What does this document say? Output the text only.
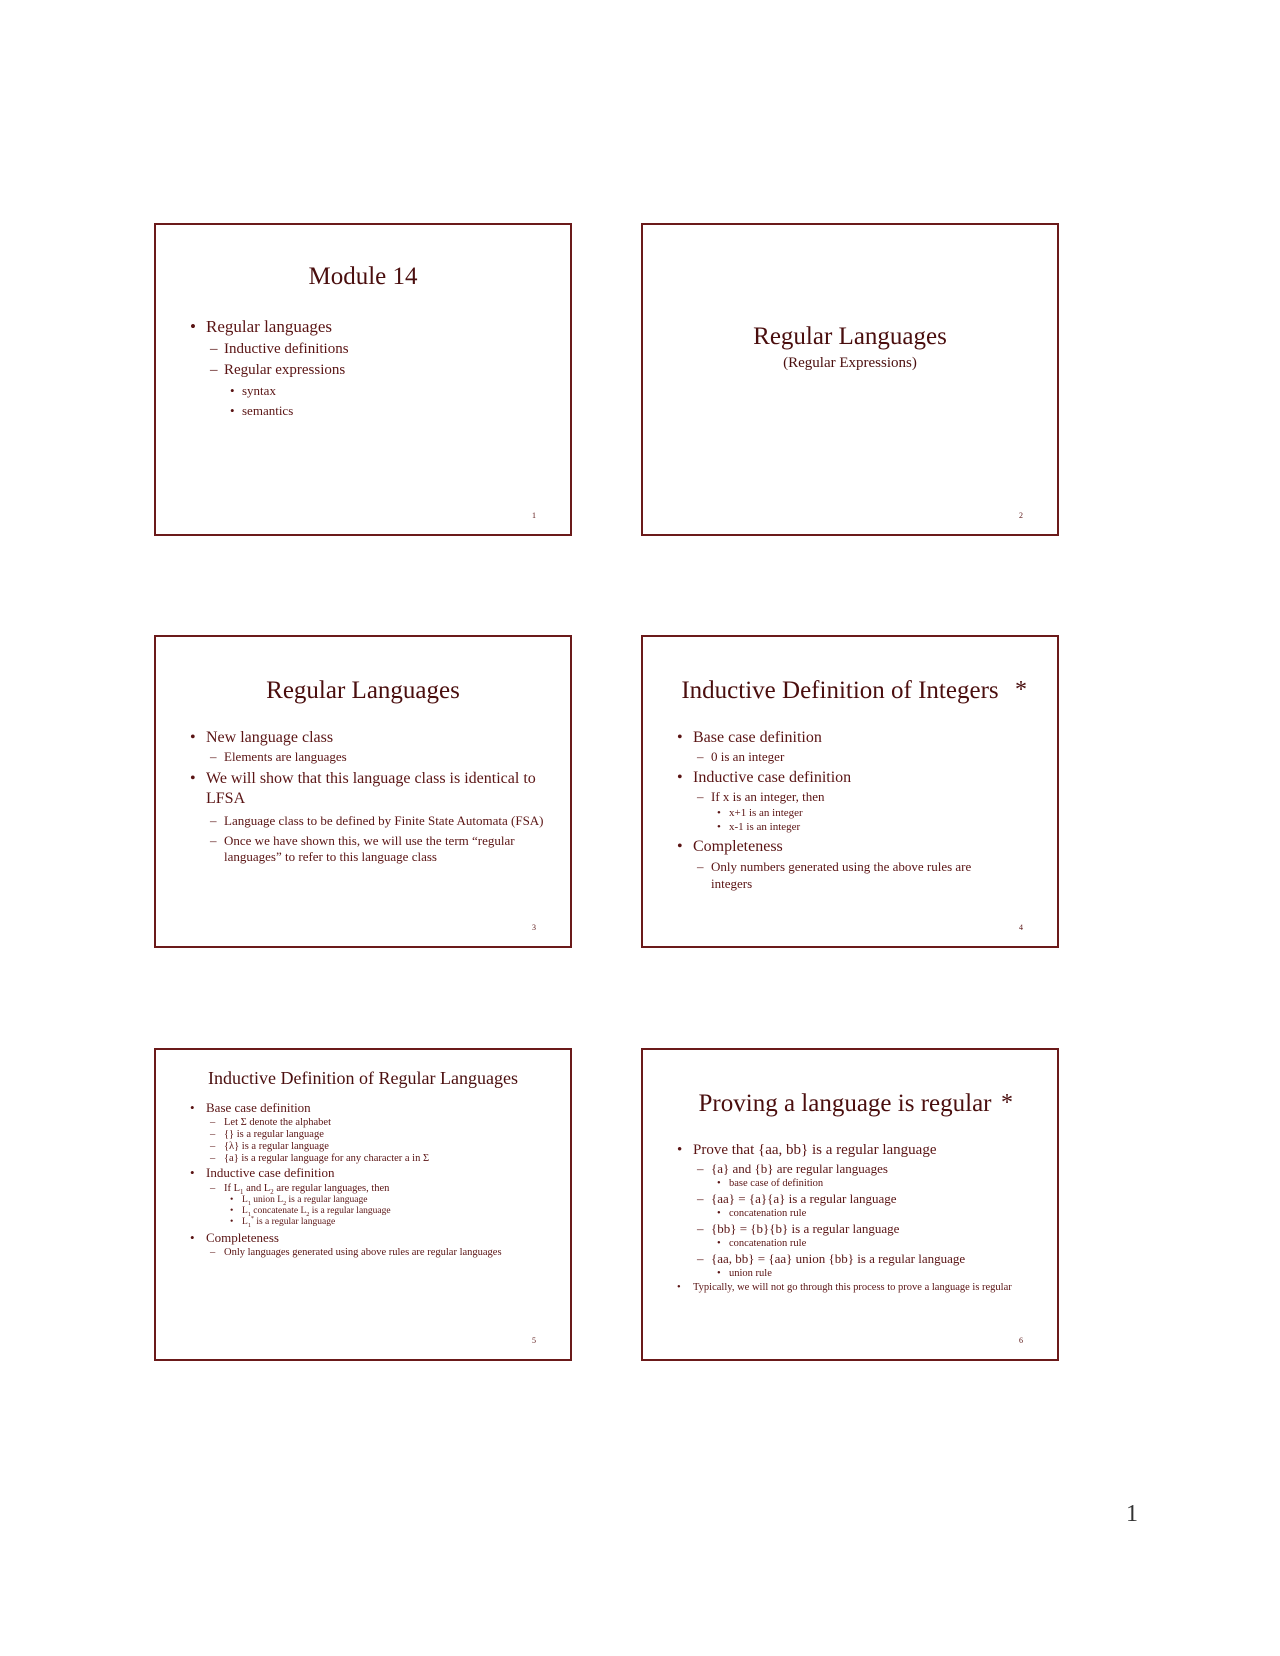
Module 14
• Regular languages
– Inductive definitions
– Regular expressions
• syntax
• semantics
1
Regular Languages
(Regular Expressions)
2
Regular Languages
• New language class
– Elements are languages
• We will show that this language class is identical to LFSA
– Language class to be defined by Finite State Automata (FSA)
– Once we have shown this, we will use the term “regular languages” to refer to this language class
3
Inductive Definition of Integers *
• Base case definition
– 0 is an integer
• Inductive case definition
– If x is an integer, then
• x+1 is an integer
• x-1 is an integer
• Completeness
– Only numbers generated using the above rules are integers
4
Inductive Definition of Regular Languages
• Base case definition
– Let Σ denote the alphabet
– {} is a regular language
– {λ} is a regular language
– {a} is a regular language for any character a in Σ
• Inductive case definition
– If $L_1$ and $L_2$ are regular languages, then
• $L_1$ union $L_2$ is a regular language
• $L_1$ concatenate $L_2$ is a regular language
• $L_1^*$ is a regular language
• Completeness
– Only languages generated using above rules are regular languages
5
Proving a language is regular *
• Prove that {aa, bb} is a regular language
– {a} and {b} are regular languages
• base case of definition
– {aa} = {a}{a} is a regular language
• concatenation rule
– {bb} = {b}{b} is a regular language
• concatenation rule
– {aa, bb} = {aa} union {bb} is a regular language
• union rule
• Typically, we will not go through this process to prove a language is regular
6
1
